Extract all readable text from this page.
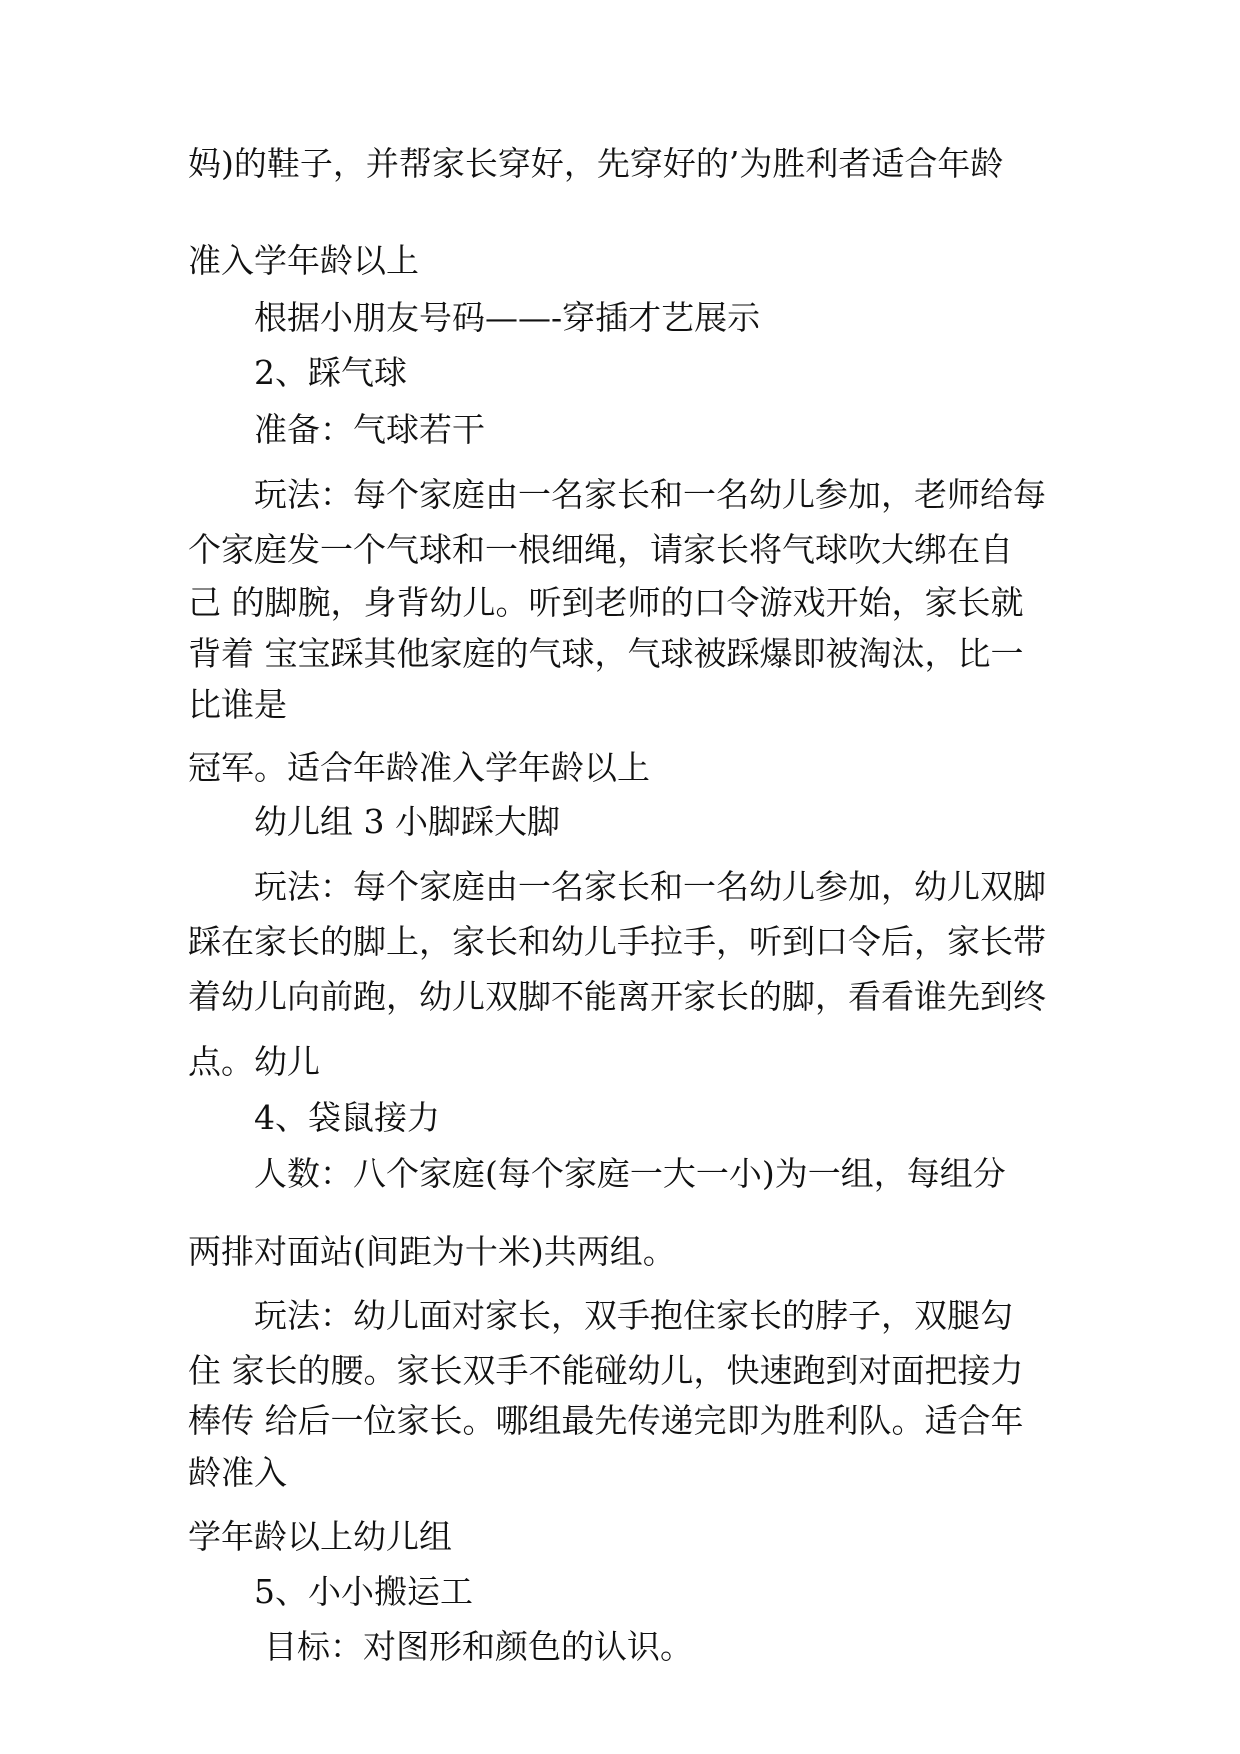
妈)的鞋子，并帮家长穿好，先穿好的’为胜利者适合年龄
准入学年龄以上
根据小朋友号码——-穿插才艺展示
2、踩气球
准备：气球若干
玩法：每个家庭由一名家长和一名幼儿参加，老师给每
个家庭发一个气球和一根细绳，请家长将气球吹大绑在自
己 的脚腕，身背幼儿。听到老师的口令游戏开始，家长就
背着 宝宝踩其他家庭的气球，气球被踩爆即被淘汰，比一
比谁是
冠军。适合年龄准入学年龄以上
幼儿组 3 小脚踩大脚
玩法：每个家庭由一名家长和一名幼儿参加，幼儿双脚
踩在家长的脚上，家长和幼儿手拉手，听到口令后，家长带
着幼儿向前跑，幼儿双脚不能离开家长的脚，看看谁先到终
点。幼儿
4、袋鼠接力
人数：八个家庭(每个家庭一大一小)为一组，每组分
两排对面站(间距为十米)共两组。
玩法：幼儿面对家长，双手抱住家长的脖子，双腿勾
住 家长的腰。家长双手不能碰幼儿，快速跑到对面把接力
棒传 给后一位家长。哪组最先传递完即为胜利队。适合年
龄准入
学年龄以上幼儿组
5、小小搬运工
目标：对图形和颜色的认识。
